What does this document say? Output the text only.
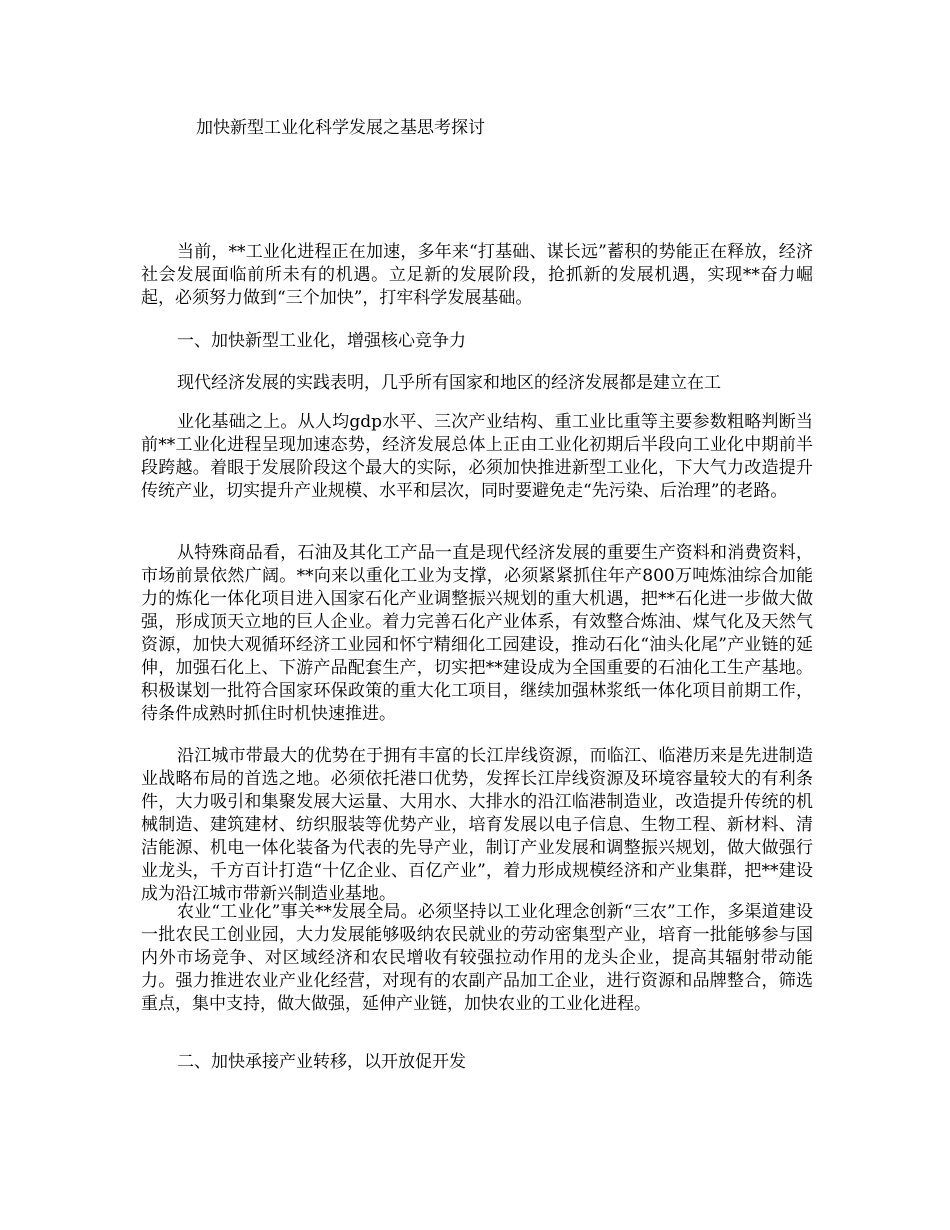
加快新型工业化科学发展之基思考探讨

当前，**工业化进程正在加速，多年来“打基础、谋长远”蓄积的势能正在释放，经济社会发展面临前所未有的机遇。立足新的发展阶段，抢抓新的发展机遇，实现**奋力崛起，必须努力做到“三个加快”，打牢科学发展基础。

一、加快新型工业化，增强核心竞争力

现代经济发展的实践表明，几乎所有国家和地区的经济发展都是建立在工

业化基础之上。从人均gdp水平、三次产业结构、重工业比重等主要参数粗略判断当前**工业化进程呈现加速态势，经济发展总体上正由工业化初期后半段向工业化中期前半段跨越。着眼于发展阶段这个最大的实际，必须加快推进新型工业化，下大气力改造提升传统产业，切实提升产业规模、水平和层次，同时要避免走“先污染、后治理”的老路。

从特殊商品看，石油及其化工产品一直是现代经济发展的重要生产资料和消费资料，市场前景依然广阔。**向来以重化工业为支撑，必须紧紧抓住年产800万吨炼油综合加能力的炼化一体化项目进入国家石化产业调整振兴规划的重大机遇，把**石化进一步做大做强，形成顶天立地的巨人企业。着力完善石化产业体系，有效整合炼油、煤气化及天然气资源，加快大观循环经济工业园和怀宁精细化工园建设，推动石化“油头化尾”产业链的延伸，加强石化上、下游产品配套生产，切实把**建设成为全国重要的石油化工生产基地。积极谋划一批符合国家环保政策的重大化工项目，继续加强林浆纸一体化项目前期工作，待条件成熟时抓住时机快速推进。

沿江城市带最大的优势在于拥有丰富的长江岸线资源，而临江、临港历来是先进制造业战略布局的首选之地。必须依托港口优势，发挥长江岸线资源及环境容量较大的有利条件，大力吸引和集聚发展大运量、大用水、大排水的沿江临港制造业，改造提升传统的机械制造、建筑建材、纺织服装等优势产业，培育发展以电子信息、生物工程、新材料、清洁能源、机电一体化装备为代表的先导产业，制订产业发展和调整振兴规划，做大做强行业龙头，千方百计打造“十亿企业、百亿产业”，着力形成规模经济和产业集群，把**建设成为沿江城市带新兴制造业基地。

农业“工业化”事关**发展全局。必须坚持以工业化理念创新“三农”工作，多渠道建设一批农民工创业园，大力发展能够吸纳农民就业的劳动密集型产业，培育一批能够参与国内外市场竞争、对区域经济和农民增收有较强拉动作用的龙头企业，提高其辐射带动能力。强力推进农业产业化经营，对现有的农副产品加工企业，进行资源和品牌整合，筛选重点，集中支持，做大做强，延伸产业链，加快农业的工业化进程。

二、加快承接产业转移，以开放促开发
